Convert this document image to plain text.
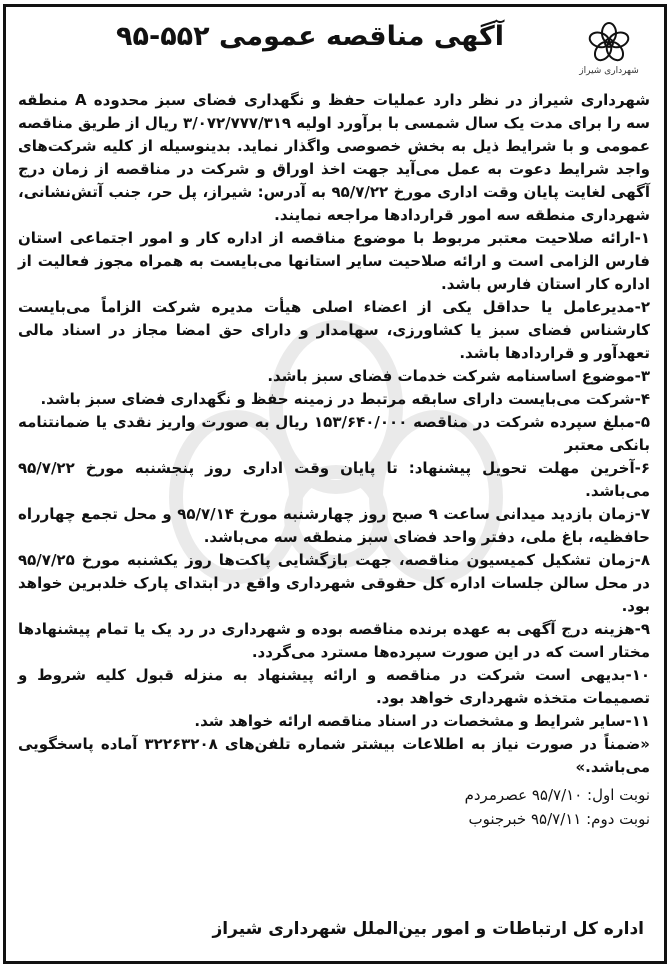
شهرداری شیراز
آگهی مناقصه عمومی ۵۵۲-۹۵

شهرداری شیراز در نظر دارد عملیات حفظ و نگهداری فضای سبز محدوده A منطقه سه را برای مدت یک سال شمسی با برآورد اولیه ۳/۰۷۲/۷۷۷/۳۱۹ ریال از طریق مناقصه عمومی و با شرایط ذیل به بخش خصوصی واگذار نماید. بدینوسیله از کلیه شرکت‌های واجد شرایط دعوت به عمل می‌آید جهت اخذ اوراق و شرکت در مناقصه از زمان درج آگهی لغایت پایان وقت اداری مورخ ۹۵/۷/۲۲ به آدرس: شیراز، پل حر، جنب آتش‌نشانی، شهرداری منطقه سه امور قراردادها مراجعه نمایند.

۱-ارائه صلاحیت معتبر مربوط با موضوع مناقصه از اداره کار و امور اجتماعی استان فارس الزامی است و ارائه صلاحیت سایر استانها می‌بایست به همراه مجوز فعالیت از اداره کار استان فارس باشد.

۲-مدیرعامل یا حداقل یکی از اعضاء اصلی هیأت مدیره شرکت الزاماً می‌بایست کارشناس فضای سبز یا کشاورزی، سهامدار و دارای حق امضا مجاز در اسناد مالی تعهدآور و قراردادها باشد.

۳-موضوع اساسنامه شرکت خدمات فضای سبز باشد.

۴-شرکت می‌بایست دارای سابقه مرتبط در زمینه حفظ و نگهداری فضای سبز باشد.

۵-مبلغ سپرده شرکت در مناقصه ۱۵۳/۶۴۰/۰۰۰ ریال به صورت واریز نقدی یا ضمانتنامه بانکی معتبر

۶-آخرین مهلت تحویل پیشنهاد: تا پایان وقت اداری روز پنجشنبه مورخ ۹۵/۷/۲۲ می‌باشد.

۷-زمان بازدید میدانی ساعت ۹ صبح روز چهارشنبه مورخ ۹۵/۷/۱۴ و محل تجمع چهارراه حافظیه، باغ ملی، دفتر واحد فضای سبز منطقه سه می‌باشد.

۸-زمان تشکیل کمیسیون مناقصه، جهت بازگشایی پاکت‌ها روز یکشنبه مورخ ۹۵/۷/۲۵ در محل سالن جلسات اداره کل حقوقی شهرداری واقع در ابتدای پارک خلدبرین خواهد بود.

۹-هزینه درج آگهی به عهده برنده مناقصه بوده و شهرداری در رد یک یا تمام پیشنهادها مختار است که در این صورت سپرده‌ها مسترد می‌گردد.

۱۰-بدیهی است شرکت در مناقصه و ارائه پیشنهاد به منزله قبول کلیه شروط و تصمیمات متخذه شهرداری خواهد بود.

۱۱-سایر شرایط و مشخصات در اسناد مناقصه ارائه خواهد شد.

«ضمناً در صورت نیاز به اطلاعات بیشتر شماره تلفن‌های ۳۲۲۶۳۲۰۸ آماده پاسخگویی می‌باشد.»

نوبت اول: ۹۵/۷/۱۰ عصرمردم
نوبت دوم: ۹۵/۷/۱۱ خبرجنوب
اداره کل ارتباطات و امور بین‌الملل شهرداری شیراز
